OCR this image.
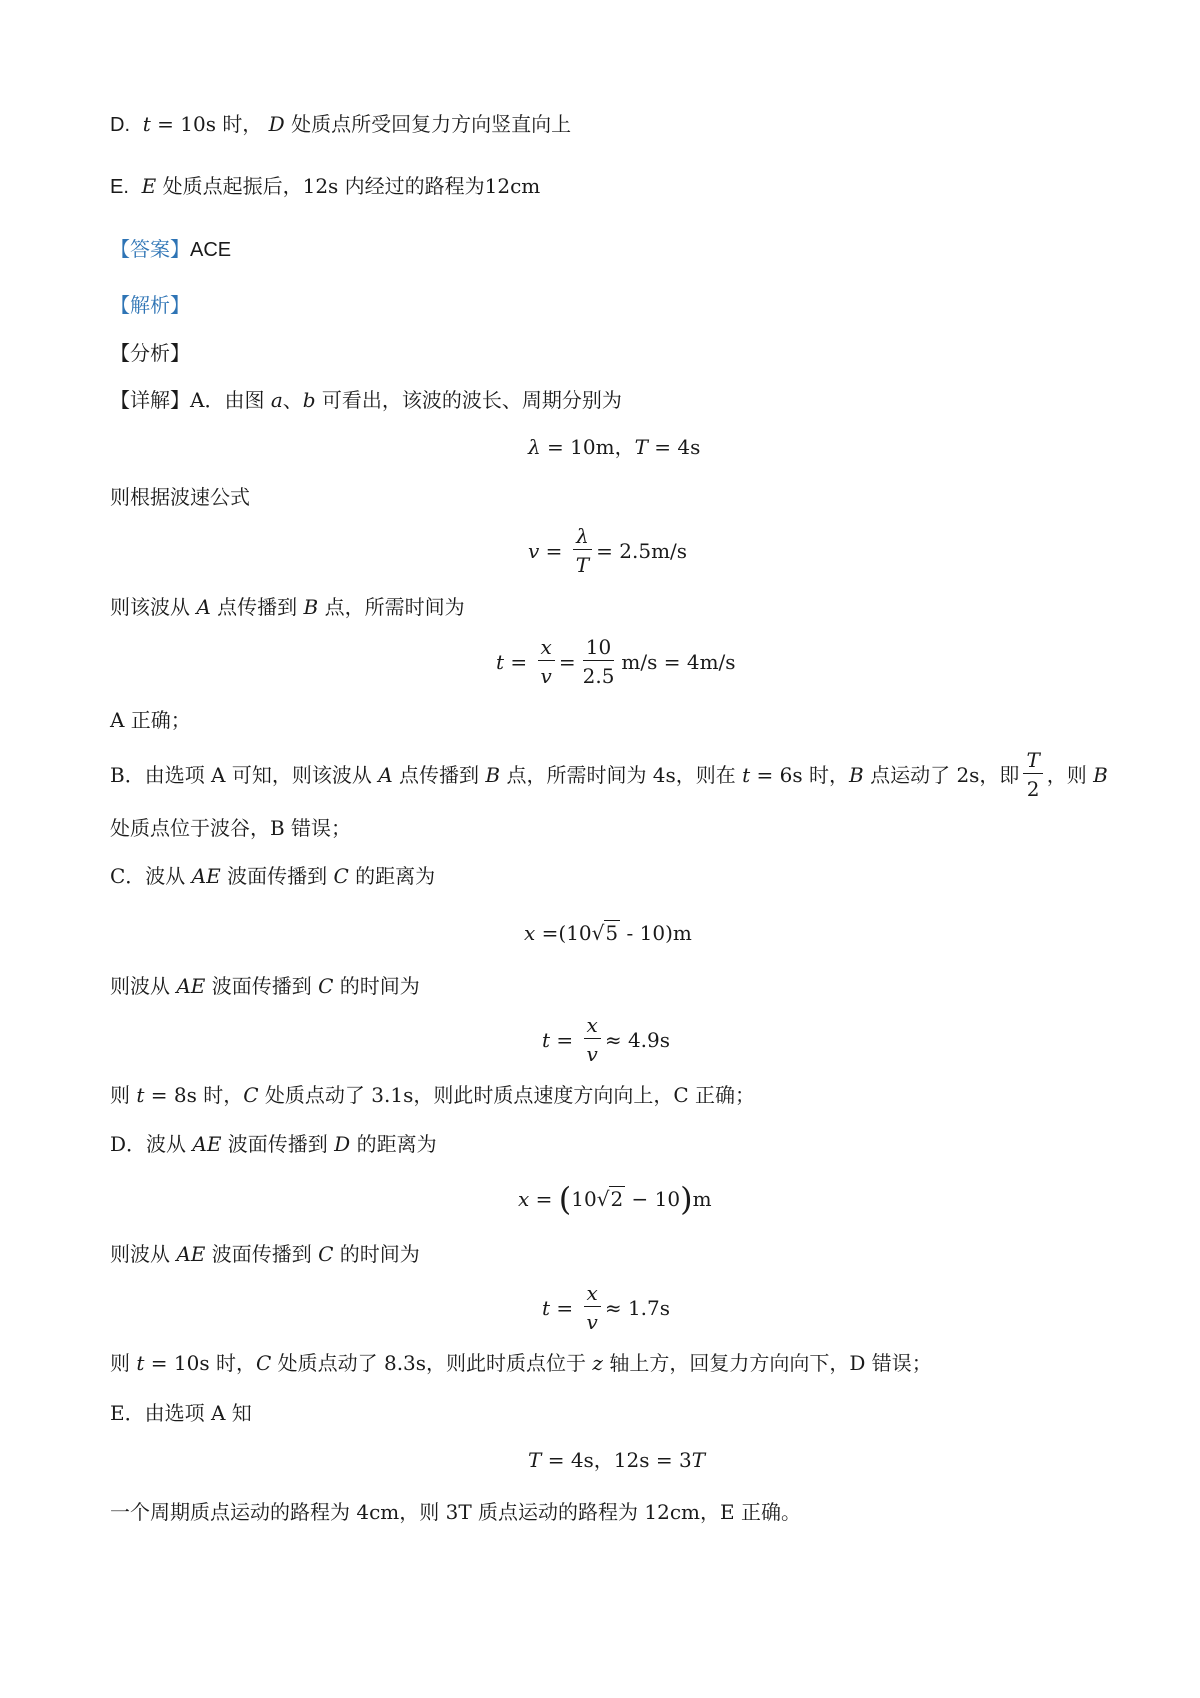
D. t = 10s 时， D 处质点所受回复力方向竖直向上
E. E 处质点起振后，12s 内经过的路程为12cm
【答案】ACE
【解析】
【分析】
【详解】A．由图 a、b 可看出，该波的波长、周期分别为
λ = 10m，T = 4s
则根据波速公式
$v = \frac{\lambda}{T} = 2.5m/s$
则该波从 A 点传播到 B 点，所需时间为
$t = \frac{x}{v} = \frac{10}{2.5} m/s = 4m/s$
A 正确；
B．由选项 A 可知，则该波从 A 点传播到 B 点，所需时间为 4s，则在 t = 6s 时， B 点运动了 2s，即 $\frac{T}{2}$ ，则 B
处质点位于波谷，B 错误；
C．波从 AE 波面传播到 C 的距离为
x =(10√5 - 10)m
则波从 AE 波面传播到 C 的时间为
$t = \frac{x}{v} \approx 4.9s$
则 t = 8s 时，C 处质点动了 3.1s，则此时质点速度方向向上，C 正确；
D．波从 AE 波面传播到 D 的距离为
x = (10√2 − 10)m
则波从 AE 波面传播到 C 的时间为
$t = \frac{x}{v} \approx 1.7s$
则 t = 10s 时，C 处质点动了 8.3s，则此时质点位于 z 轴上方，回复力方向向下，D 错误；
E．由选项 A 知
T = 4s，12s = 3T
一个周期质点运动的路程为 4cm，则 3T 质点运动的路程为 12cm，E 正确。
